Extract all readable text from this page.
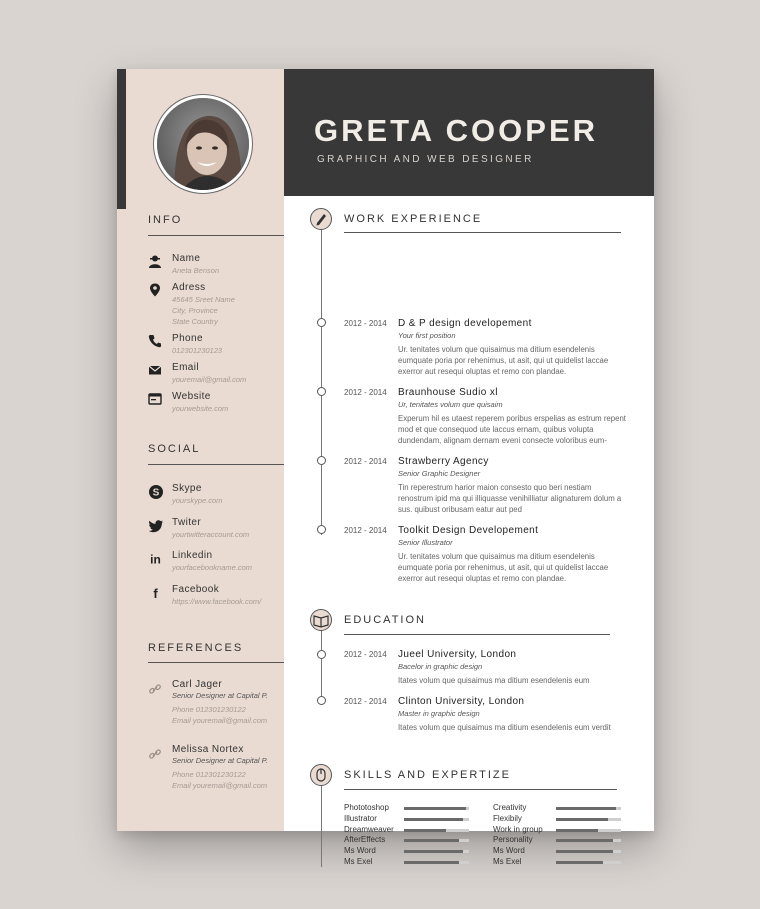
INFO
Name
Aneta Benson
Adress
45645 Sreet Name
City, Province
State Country
Phone
012301230123
Email
youremail@gmail.com
Website
yourwebsite.com
SOCIAL
S Skype
yourskype.com
Twiter
yourtwitteraccount.com
in Linkedin
yourfacebookname.com
f Facebook
https://www.facebook.com/
REFERENCES
Carl Jager
Senior Designer at Capital P.
Phone 012301230122
Email youremail@gmail.com
Melissa Nortex
Senior Designer at Capital P.
Phone 012301230122
Email youremail@gmail.com
GRETA COOPER
GRAPHICH AND WEB DESIGNER
WORK EXPERIENCE
2012 - 2014 D & P design developement
Your first position
Ur. tenitates volum que quisaimus ma ditium esendelenis eumquate poria por rehenimus, ut asit, qui ut quidelist laccae exerror aut resequi oluptas et remo con plandae.
2012 - 2014 Braunhouse Sudio xl
Ur, tenitates volum que quisaim
Experum hil es utaest reperem poribus erspelias as estrum repent mod et que consequod ute laccus ernam, quibus volupta dundendam, alignam dernam eveni consecte voloribus eum-
2012 - 2014 Strawberry Agency
Senior Graphic Designer
Tin reperestrum harior maion consesto quo beri nestiam renostrum ipid ma qui illiquasse venihilliatur alignaturem dolum a sus. quibust oribusam eatur aut ped
2012 - 2014 Toolkit Design Developement
Senior Illustrator
Ur. tenitates volum que quisaimus ma ditium esendelenis eumquate poria por rehenimus, ut asit, qui ut quidelist laccae exerror aut resequi oluptas et remo con plandae.
EDUCATION
2012 - 2014 Jueel University, London
Bacelor in graphic design
Itates volum que quisaimus ma ditium esendelenis eum
2012 - 2014 Clinton University, London
Master in graphic design
Itates volum que quisaimus ma ditium esendelenis eum verdit
SKILLS AND EXPERTIZE
Phototoshop
Illustrator
Dreamweaver
AfterEffects
Ms Word
Ms Exel
Creativity
Flexibily
Work in group
Personality
Ms Word
Ms Exel
